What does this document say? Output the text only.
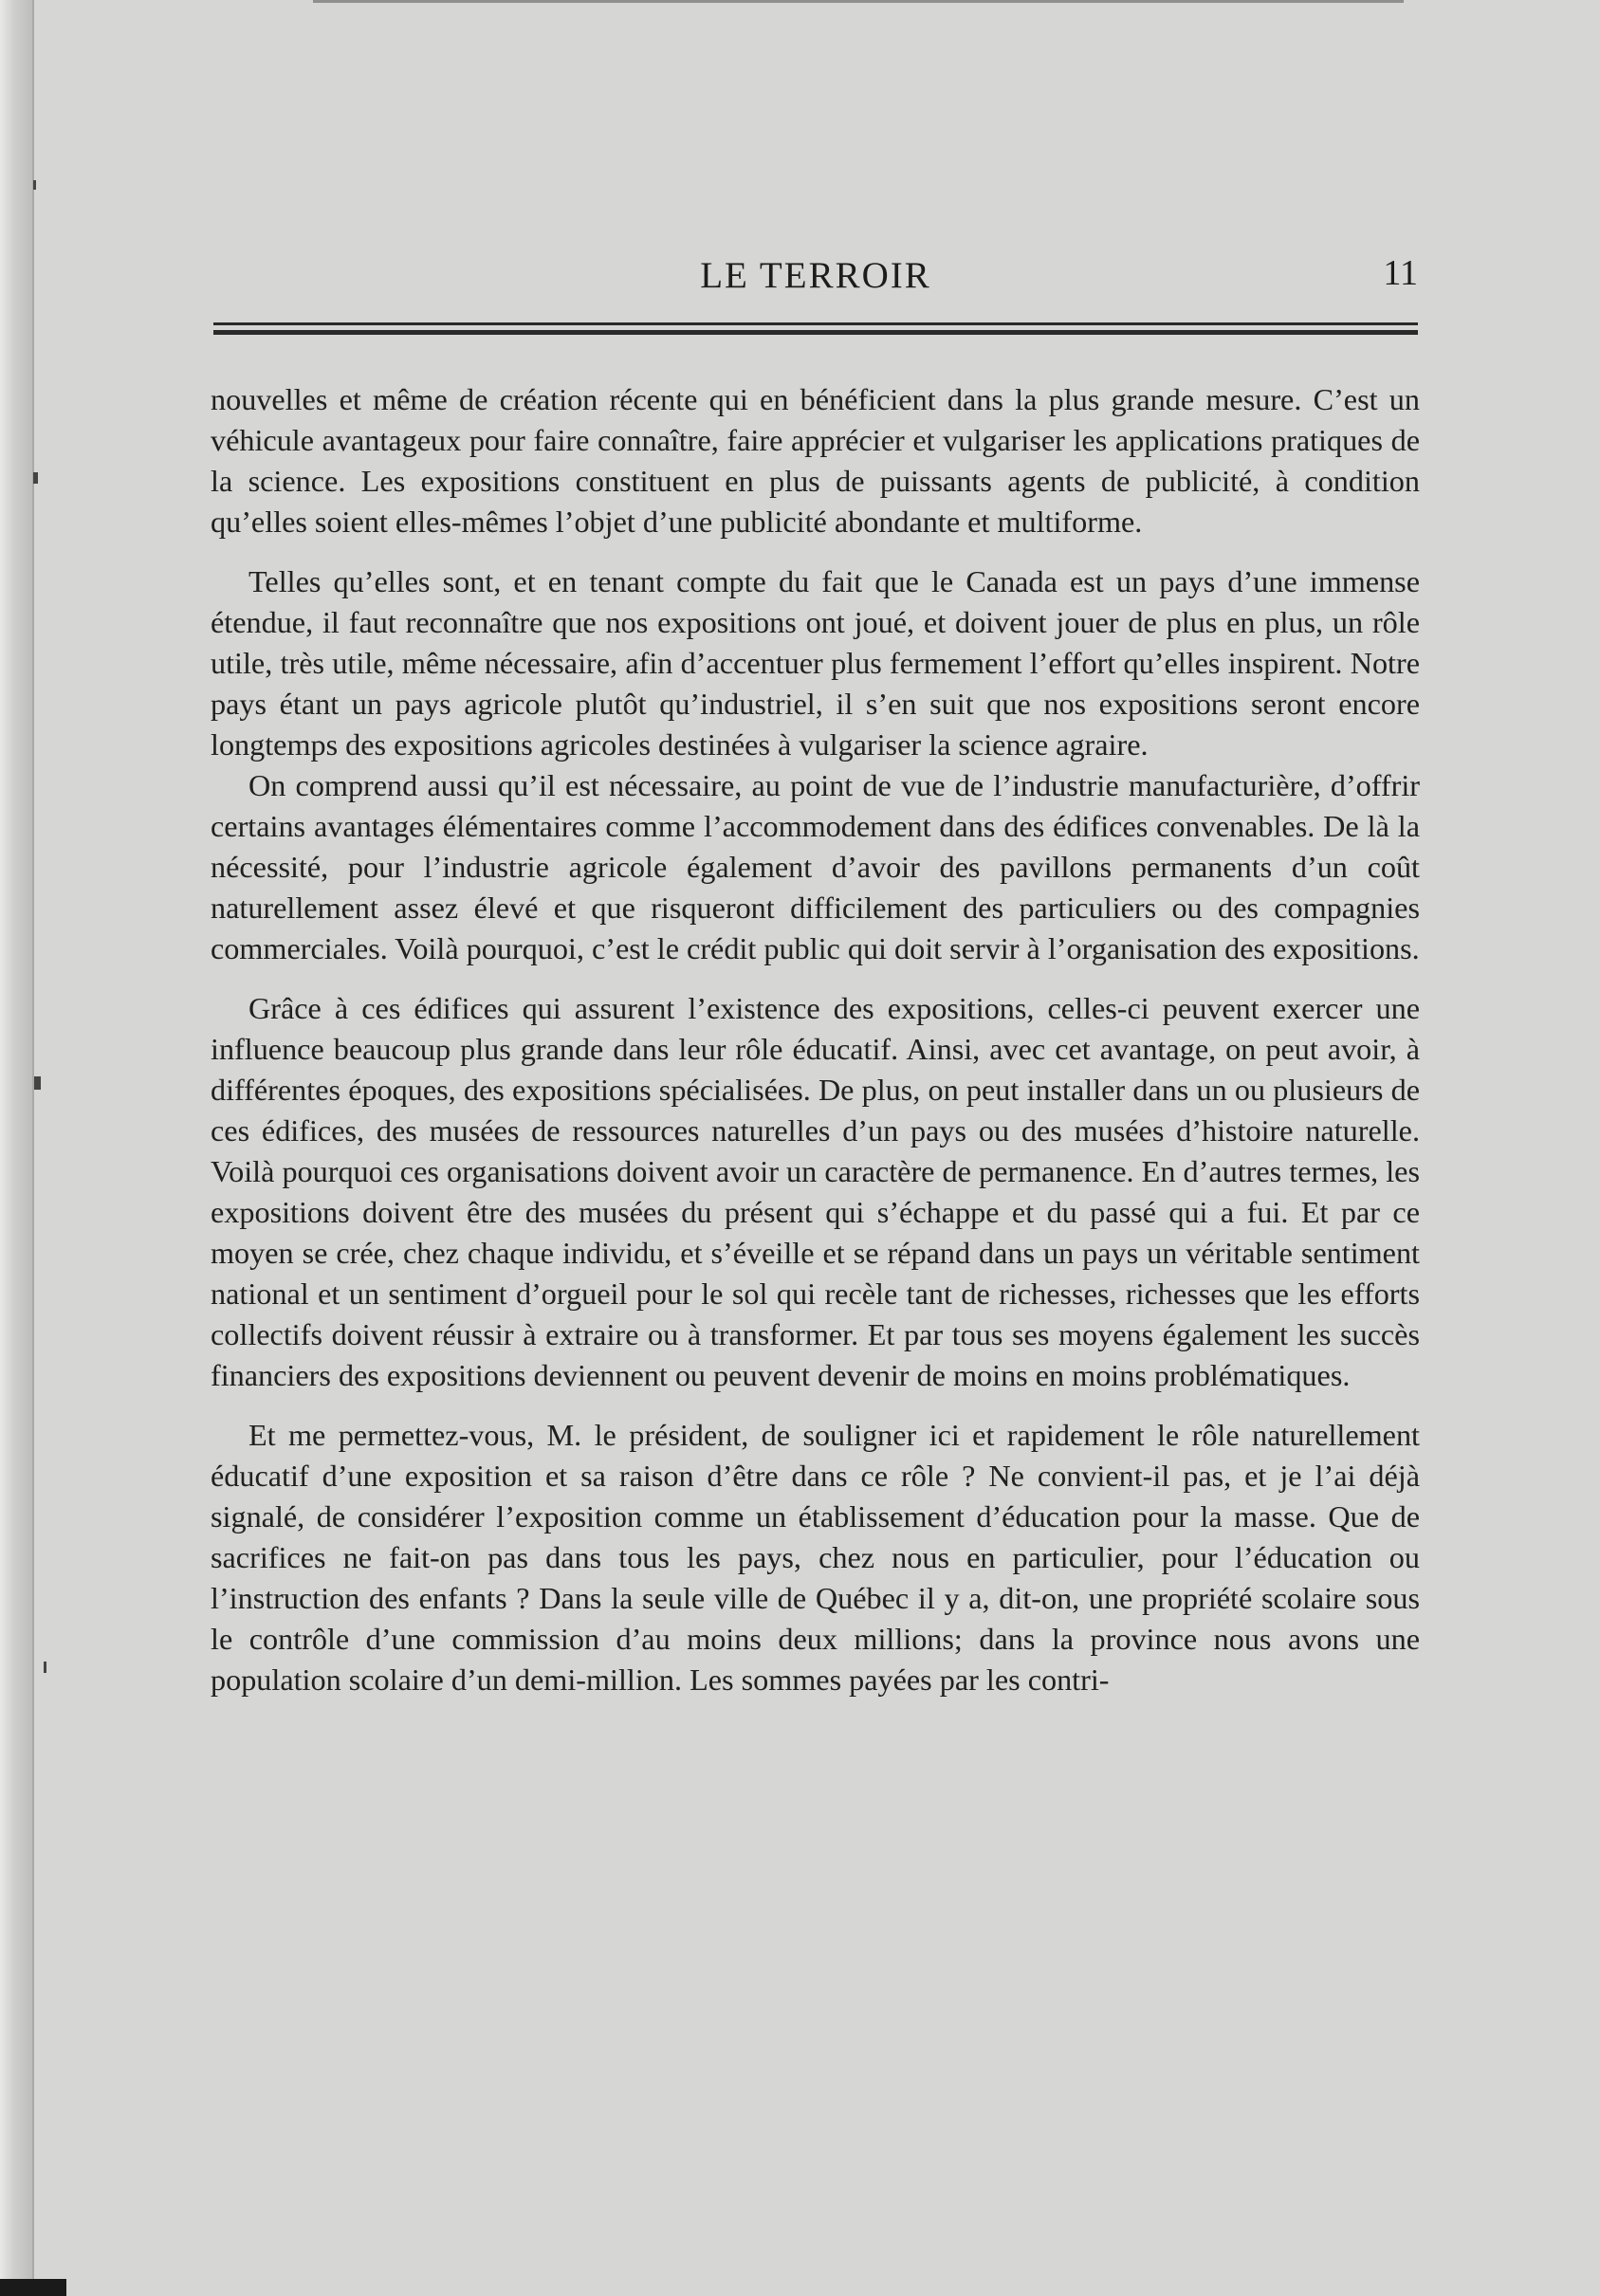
LE TERROIR	11

nouvelles et même de création récente qui en bénéficient dans la plus grande mesure. C’est un véhicule avantageux pour faire connaître, faire apprécier et vulgariser les applications pratiques de la science. Les expositions constituent en plus de puissants agents de publicité, à condition qu’elles soient elles-mêmes l’objet d’une publicité abondante et multiforme.

Telles qu’elles sont, et en tenant compte du fait que le Canada est un pays d’une immense étendue, il faut reconnaître que nos expositions ont joué, et doivent jouer de plus en plus, un rôle utile, très utile, même nécessaire, afin d’accentuer plus fermement l’effort qu’elles inspirent. Notre pays étant un pays agricole plutôt qu’industriel, il s’en suit que nos expositions seront encore longtemps des expositions agricoles destinées à vulgariser la science agraire.

On comprend aussi qu’il est nécessaire, au point de vue de l’industrie manufacturière, d’offrir certains avantages élémentaires comme l’accommodement dans des édifices convenables. De là la nécessité, pour l’industrie agricole également d’avoir des pavillons permanents d’un coût naturellement assez élevé et que risqueront difficilement des particuliers ou des compagnies commerciales. Voilà pourquoi, c’est le crédit public qui doit servir à l’organisation des expositions.

Grâce à ces édifices qui assurent l’existence des expositions, celles-ci peuvent exercer une influence beaucoup plus grande dans leur rôle éducatif. Ainsi, avec cet avantage, on peut avoir, à différentes époques, des expositions spécialisées. De plus, on peut installer dans un ou plusieurs de ces édifices, des musées de ressources naturelles d’un pays ou des musées d’histoire naturelle. Voilà pourquoi ces organisations doivent avoir un caractère de permanence. En d’autres termes, les expositions doivent être des musées du présent qui s’échappe et du passé qui a fui. Et par ce moyen se crée, chez chaque individu, et s’éveille et se répand dans un pays un véritable sentiment national et un sentiment d’orgueil pour le sol qui recèle tant de richesses, richesses que les efforts collectifs doivent réussir à extraire ou à transformer. Et par tous ses moyens également les succès financiers des expositions deviennent ou peuvent devenir de moins en moins problématiques.

Et me permettez-vous, M. le président, de souligner ici et rapidement le rôle naturellement éducatif d’une exposition et sa raison d’être dans ce rôle ? Ne convient-il pas, et je l’ai déjà signalé, de considérer l’exposition comme un établissement d’éducation pour la masse. Que de sacrifices ne fait-on pas dans tous les pays, chez nous en particulier, pour l’éducation ou l’instruction des enfants ? Dans la seule ville de Québec il y a, dit-on, une propriété scolaire sous le contrôle d’une commission d’au moins deux millions; dans la province nous avons une population scolaire d’un demi-million. Les sommes payées par les contri-
